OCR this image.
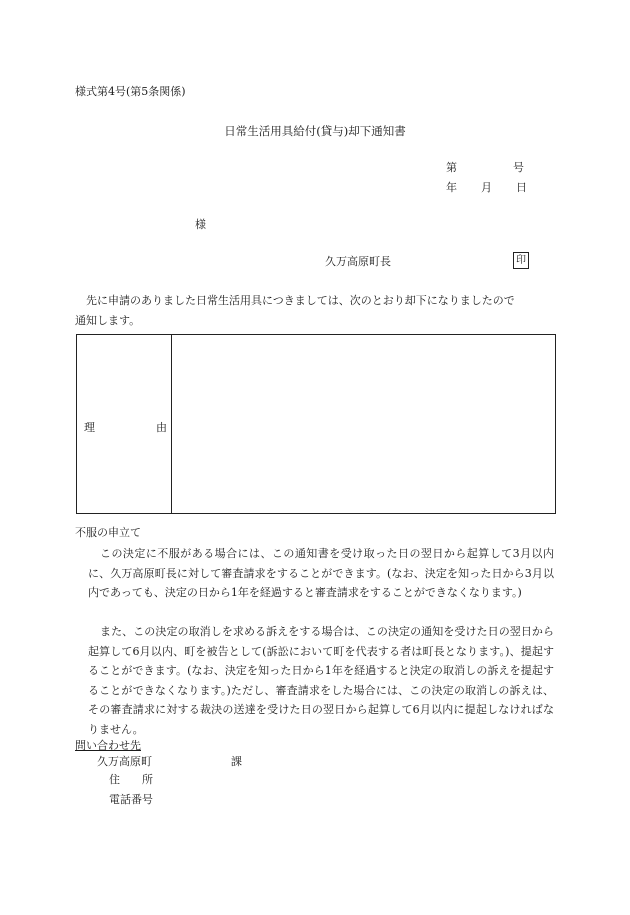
様式第4号(第5条関係)
日常生活用具給付(貸与)却下通知書
第	号
年 月 日
様
久万高原町長	印
先に申請のありました日常生活用具につきましては、次のとおり却下になりましたので
通知します。
理	由
不服の申立て
この決定に不服がある場合には、この通知書を受け取った日の翌日から起算して3月以内に、久万高原町長に対して審査請求をすることができます。(なお、決定を知った日から3月以内であっても、決定の日から1年を経過すると審査請求をすることができなくなります。)
また、この決定の取消しを求める訴えをする場合は、この決定の通知を受けた日の翌日から起算して6月以内、町を被告として(訴訟において町を代表する者は町長となります。)、提起することができます。(なお、決定を知った日から1年を経過すると決定の取消しの訴えを提起することができなくなります。)ただし、審査請求をした場合には、この決定の取消しの訴えは、その審査請求に対する裁決の送達を受けた日の翌日から起算して6月以内に提起しなければなりません。
問い合わせ先
久万高原町	課
住　　所
電話番号
